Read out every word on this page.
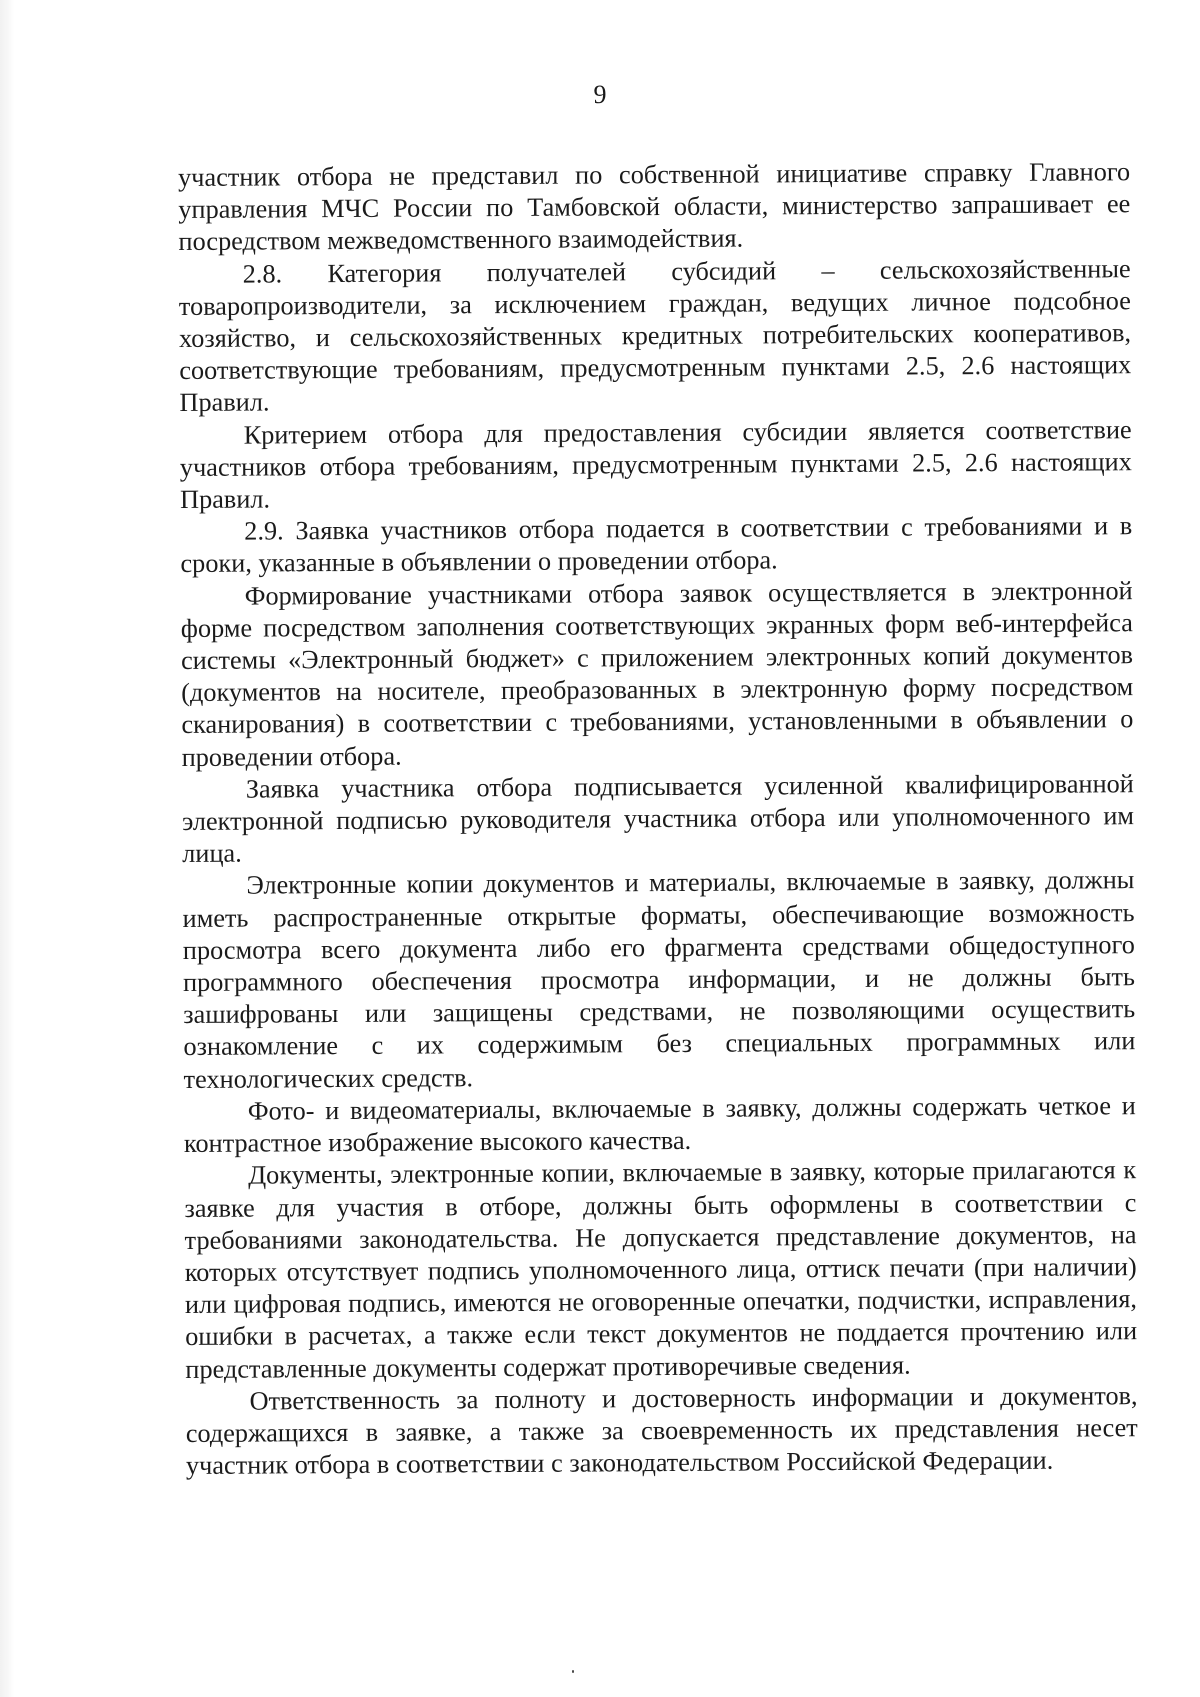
9

участник отбора не представил по собственной инициативе справку Главного управления МЧС России по Тамбовской области, министерство запрашивает ее посредством межведомственного взаимодействия.

2.8. Категория получателей субсидий – сельскохозяйственные товаропроизводители, за исключением граждан, ведущих личное подсобное хозяйство, и сельскохозяйственных кредитных потребительских кооперативов, соответствующие требованиям, предусмотренным пунктами 2.5, 2.6 настоящих Правил.

Критерием отбора для предоставления субсидии является соответствие участников отбора требованиям, предусмотренным пунктами 2.5, 2.6 настоящих Правил.

2.9. Заявка участников отбора подается в соответствии с требованиями и в сроки, указанные в объявлении о проведении отбора.

Формирование участниками отбора заявок осуществляется в электронной форме посредством заполнения соответствующих экранных форм веб-интерфейса системы «Электронный бюджет» с приложением электронных копий документов (документов на носителе, преобразованных в электронную форму посредством сканирования) в соответствии с требованиями, установленными в объявлении о проведении отбора.

Заявка участника отбора подписывается усиленной квалифицированной электронной подписью руководителя участника отбора или уполномоченного им лица.

Электронные копии документов и материалы, включаемые в заявку, должны иметь распространенные открытые форматы, обеспечивающие возможность просмотра всего документа либо его фрагмента средствами общедоступного программного обеспечения просмотра информации, и не должны быть зашифрованы или защищены средствами, не позволяющими осуществить ознакомление с их содержимым без специальных программных или технологических средств.

Фото- и видеоматериалы, включаемые в заявку, должны содержать четкое и контрастное изображение высокого качества.

Документы, электронные копии, включаемые в заявку, которые прилагаются к заявке для участия в отборе, должны быть оформлены в соответствии с требованиями законодательства. Не допускается представление документов, на которых отсутствует подпись уполномоченного лица, оттиск печати (при наличии) или цифровая подпись, имеются не оговоренные опечатки, подчистки, исправления, ошибки в расчетах, а также если текст документов не поддается прочтению или представленные документы содержат противоречивые сведения.

Ответственность за полноту и достоверность информации и документов, содержащихся в заявке, а также за своевременность их представления несет участник отбора в соответствии с законодательством Российской Федерации.
